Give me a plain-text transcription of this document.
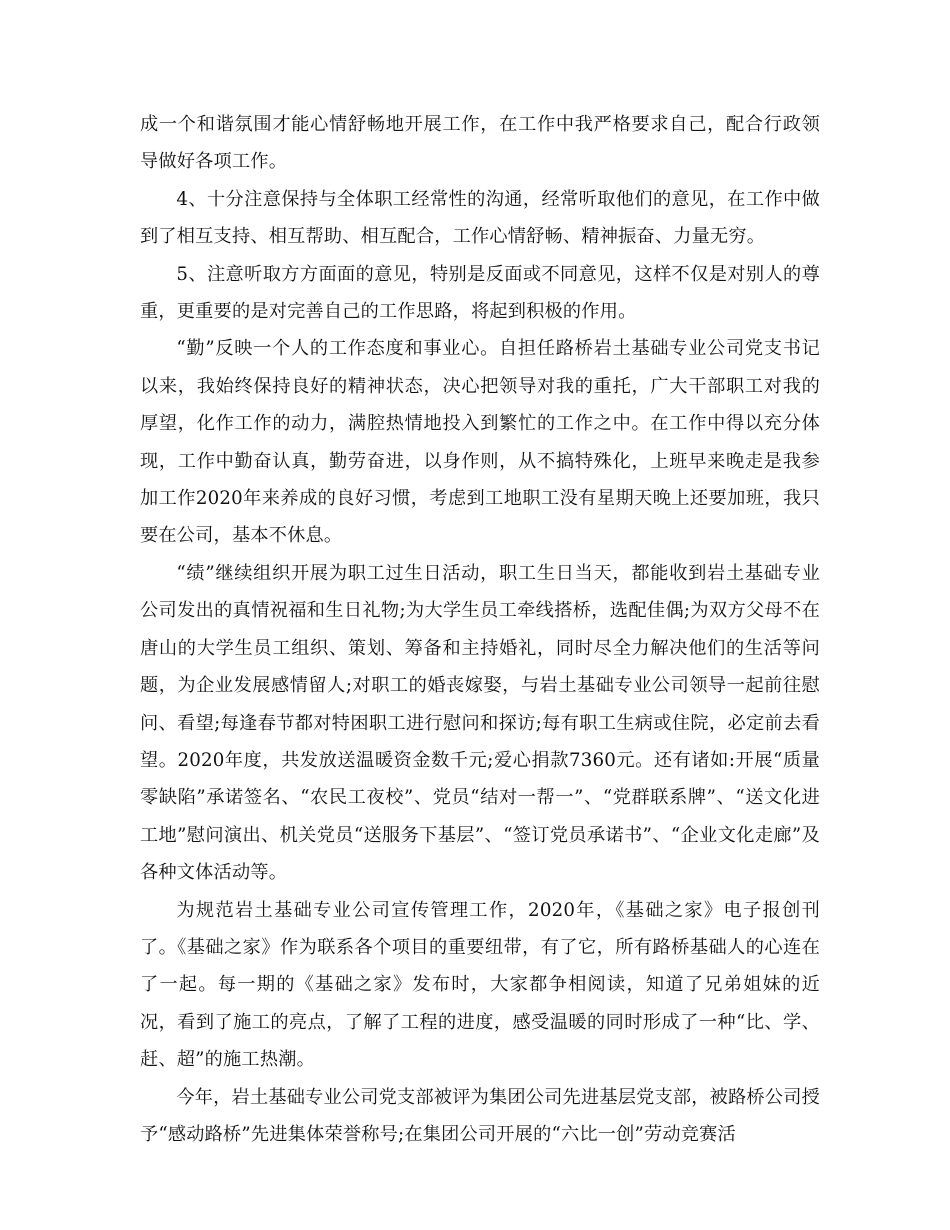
成一个和谐氛围才能心情舒畅地开展工作，在工作中我严格要求自己，配合行政领导做好各项工作。

4、十分注意保持与全体职工经常性的沟通，经常听取他们的意见，在工作中做到了相互支持、相互帮助、相互配合，工作心情舒畅、精神振奋、力量无穷。

5、注意听取方方面面的意见，特别是反面或不同意见，这样不仅是对别人的尊重，更重要的是对完善自己的工作思路，将起到积极的作用。

“勤”反映一个人的工作态度和事业心。自担任路桥岩土基础专业公司党支书记以来，我始终保持良好的精神状态，决心把领导对我的重托，广大干部职工对我的厚望，化作工作的动力，满腔热情地投入到繁忙的工作之中。在工作中得以充分体现，工作中勤奋认真，勤劳奋进，以身作则，从不搞特殊化，上班早来晚走是我参加工作2020年来养成的良好习惯，考虑到工地职工没有星期天晚上还要加班，我只要在公司，基本不休息。

“绩”继续组织开展为职工过生日活动，职工生日当天，都能收到岩土基础专业公司发出的真情祝福和生日礼物;为大学生员工牵线搭桥，选配佳偶;为双方父母不在唐山的大学生员工组织、策划、筹备和主持婚礼，同时尽全力解决他们的生活等问题，为企业发展感情留人;对职工的婚丧嫁娶，与岩土基础专业公司领导一起前往慰问、看望;每逢春节都对特困职工进行慰问和探访;每有职工生病或住院，必定前去看望。2020年度，共发放送温暖资金数千元;爱心捐款7360元。还有诸如:开展“质量零缺陷”承诺签名、“农民工夜校”、党员“结对一帮一”、“党群联系牌”、“送文化进工地”慰问演出、机关党员“送服务下基层”、“签订党员承诺书”、“企业文化走廊”及各种文体活动等。

为规范岩土基础专业公司宣传管理工作，2020年，《基础之家》电子报创刊了。《基础之家》作为联系各个项目的重要纽带，有了它，所有路桥基础人的心连在了一起。每一期的《基础之家》发布时，大家都争相阅读，知道了兄弟姐妹的近况，看到了施工的亮点，了解了工程的进度，感受温暖的同时形成了一种“比、学、赶、超”的施工热潮。

今年，岩土基础专业公司党支部被评为集团公司先进基层党支部，被路桥公司授予“感动路桥”先进集体荣誉称号;在集团公司开展的“六比一创”劳动竞赛活
